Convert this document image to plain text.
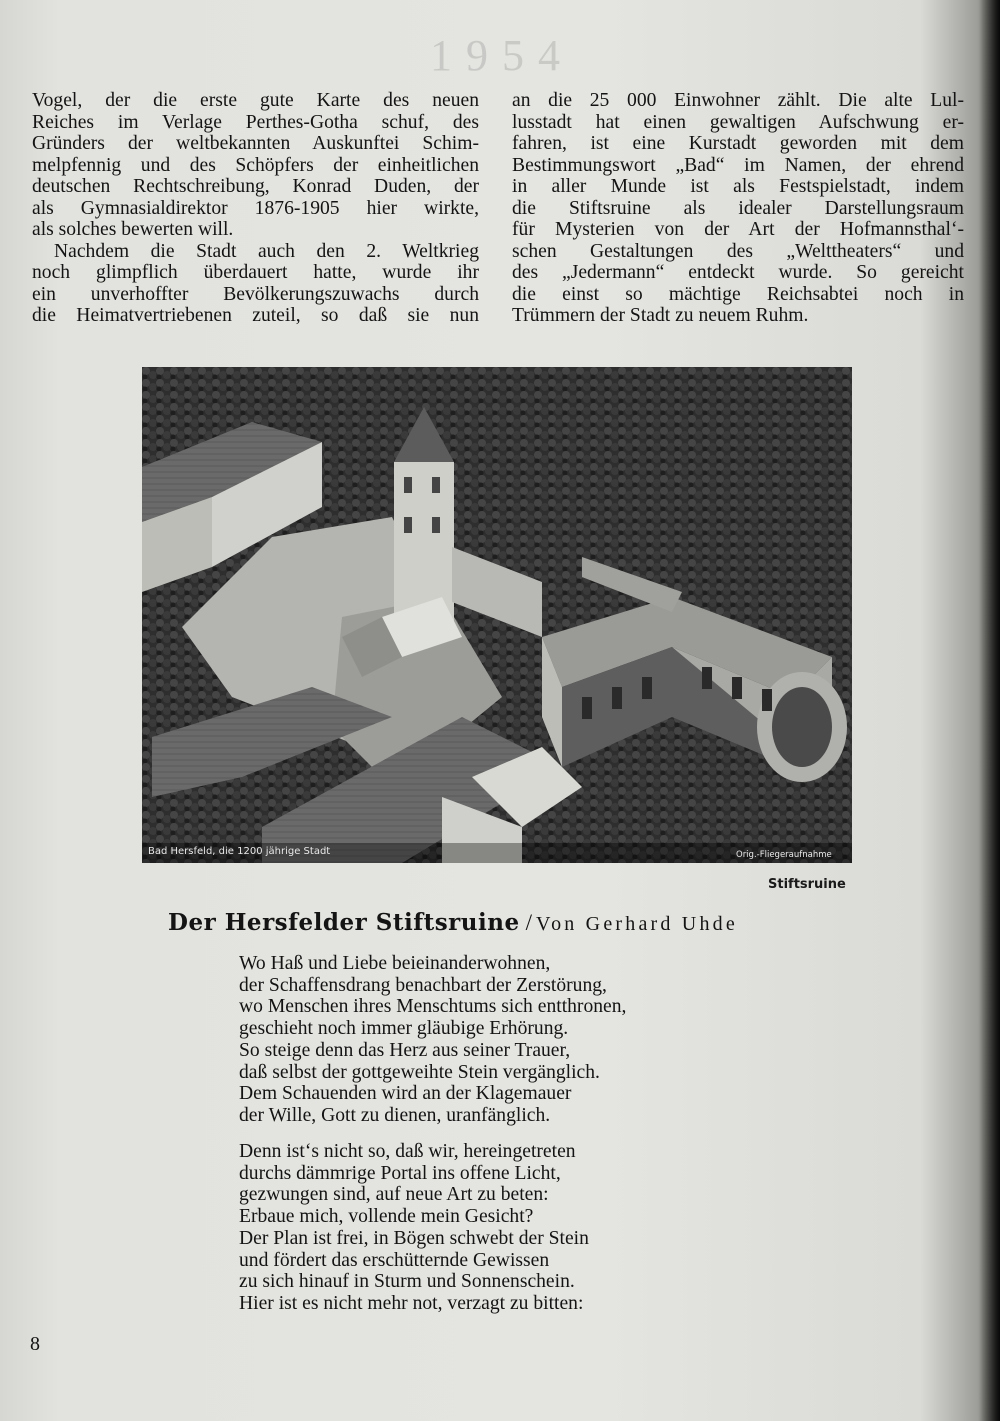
1954
Vogel, der die erste gute Karte des neuen
Reiches im Verlage Perthes-Gotha schuf, des
Gründers der weltbekannten Auskunftei Schim-
melpfennig und des Schöpfers der einheitlichen
deutschen Rechtschreibung, Konrad Duden, der
als Gymnasialdirektor 1876-1905 hier wirkte,
als solches bewerten will.
Nachdem die Stadt auch den 2. Weltkrieg
noch glimpflich überdauert hatte, wurde ihr
ein unverhoffter Bevölkerungszuwachs durch
die Heimatvertriebenen zuteil, so daß sie nun
an die 25 000 Einwohner zählt. Die alte Lul-
lusstadt hat einen gewaltigen Aufschwung er-
fahren, ist eine Kurstadt geworden mit dem
Bestimmungswort „Bad“ im Namen, der ehrend
in aller Munde ist als Festspielstadt, indem
die Stiftsruine als idealer Darstellungsraum
für Mysterien von der Art der Hofmannsthal‘-
schen Gestaltungen des „Welttheaters“ und
des „Jedermann“ entdeckt wurde. So gereicht
die einst so mächtige Reichsabtei noch in
Trümmern der Stadt zu neuem Ruhm.
Bad Hersfeld, die 1200 jährige Stadt	Orig.-Fliegeraufnahme
Stiftsruine
Der Hersfelder Stiftsruine / Von Gerhard Uhde
Wo Haß und Liebe beieinanderwohnen,
der Schaffensdrang benachbart der Zerstörung,
wo Menschen ihres Menschtums sich entthronen,
geschieht noch immer gläubige Erhörung.
So steige denn das Herz aus seiner Trauer,
daß selbst der gottgeweihte Stein vergänglich.
Dem Schauenden wird an der Klagemauer
der Wille, Gott zu dienen, uranfänglich.
Denn ist‘s nicht so, daß wir, hereingetreten
durchs dämmrige Portal ins offene Licht,
gezwungen sind, auf neue Art zu beten:
Erbaue mich, vollende mein Gesicht?
Der Plan ist frei, in Bögen schwebt der Stein
und fördert das erschütternde Gewissen
zu sich hinauf in Sturm und Sonnenschein.
Hier ist es nicht mehr not, verzagt zu bitten:
8
